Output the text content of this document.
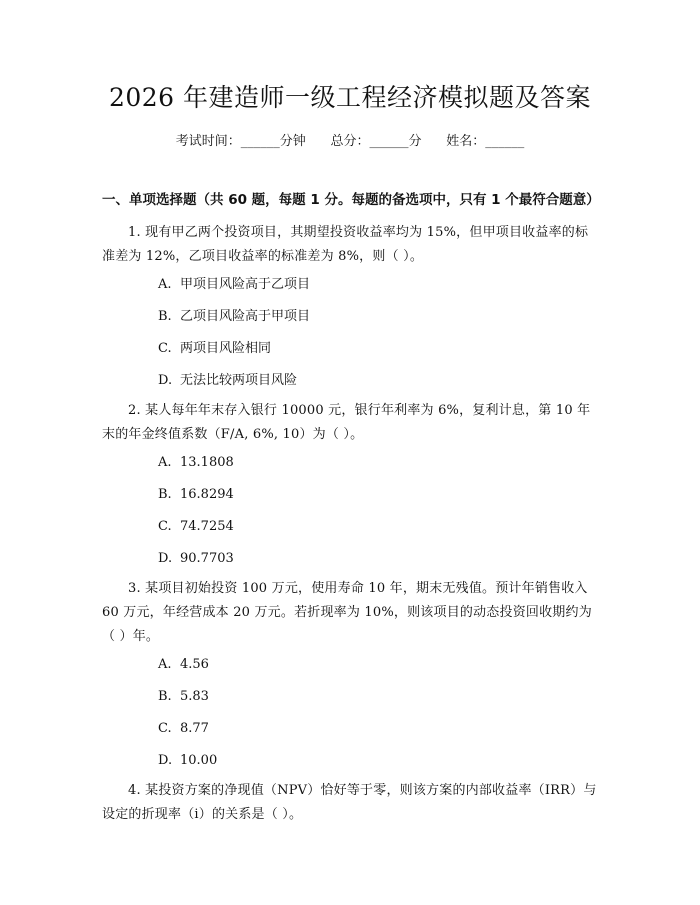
2026 年建造师一级工程经济模拟题及答案
考试时间：______分钟      总分：______分      姓名：______
一、单项选择题（共 60 题，每题 1 分。每题的备选项中，只有 1 个最符合题意）
1. 现有甲乙两个投资项目，其期望投资收益率均为 15%，但甲项目收益率的标准差为 12%，乙项目收益率的标准差为 8%，则（ ）。
A. 甲项目风险高于乙项目
B. 乙项目风险高于甲项目
C. 两项目风险相同
D. 无法比较两项目风险
2. 某人每年年末存入银行 10000 元，银行年利率为 6%，复利计息，第 10 年末的年金终值系数（F/A, 6%, 10）为（ ）。
A. 13.1808
B. 16.8294
C. 74.7254
D. 90.7703
3. 某项目初始投资 100 万元，使用寿命 10 年，期末无残值。预计年销售收入 60 万元，年经营成本 20 万元。若折现率为 10%，则该项目的动态投资回收期约为（ ）年。
A. 4.56
B. 5.83
C. 8.77
D. 10.00
4. 某投资方案的净现值（NPV）恰好等于零，则该方案的内部收益率（IRR）与设定的折现率（i）的关系是（ ）。
